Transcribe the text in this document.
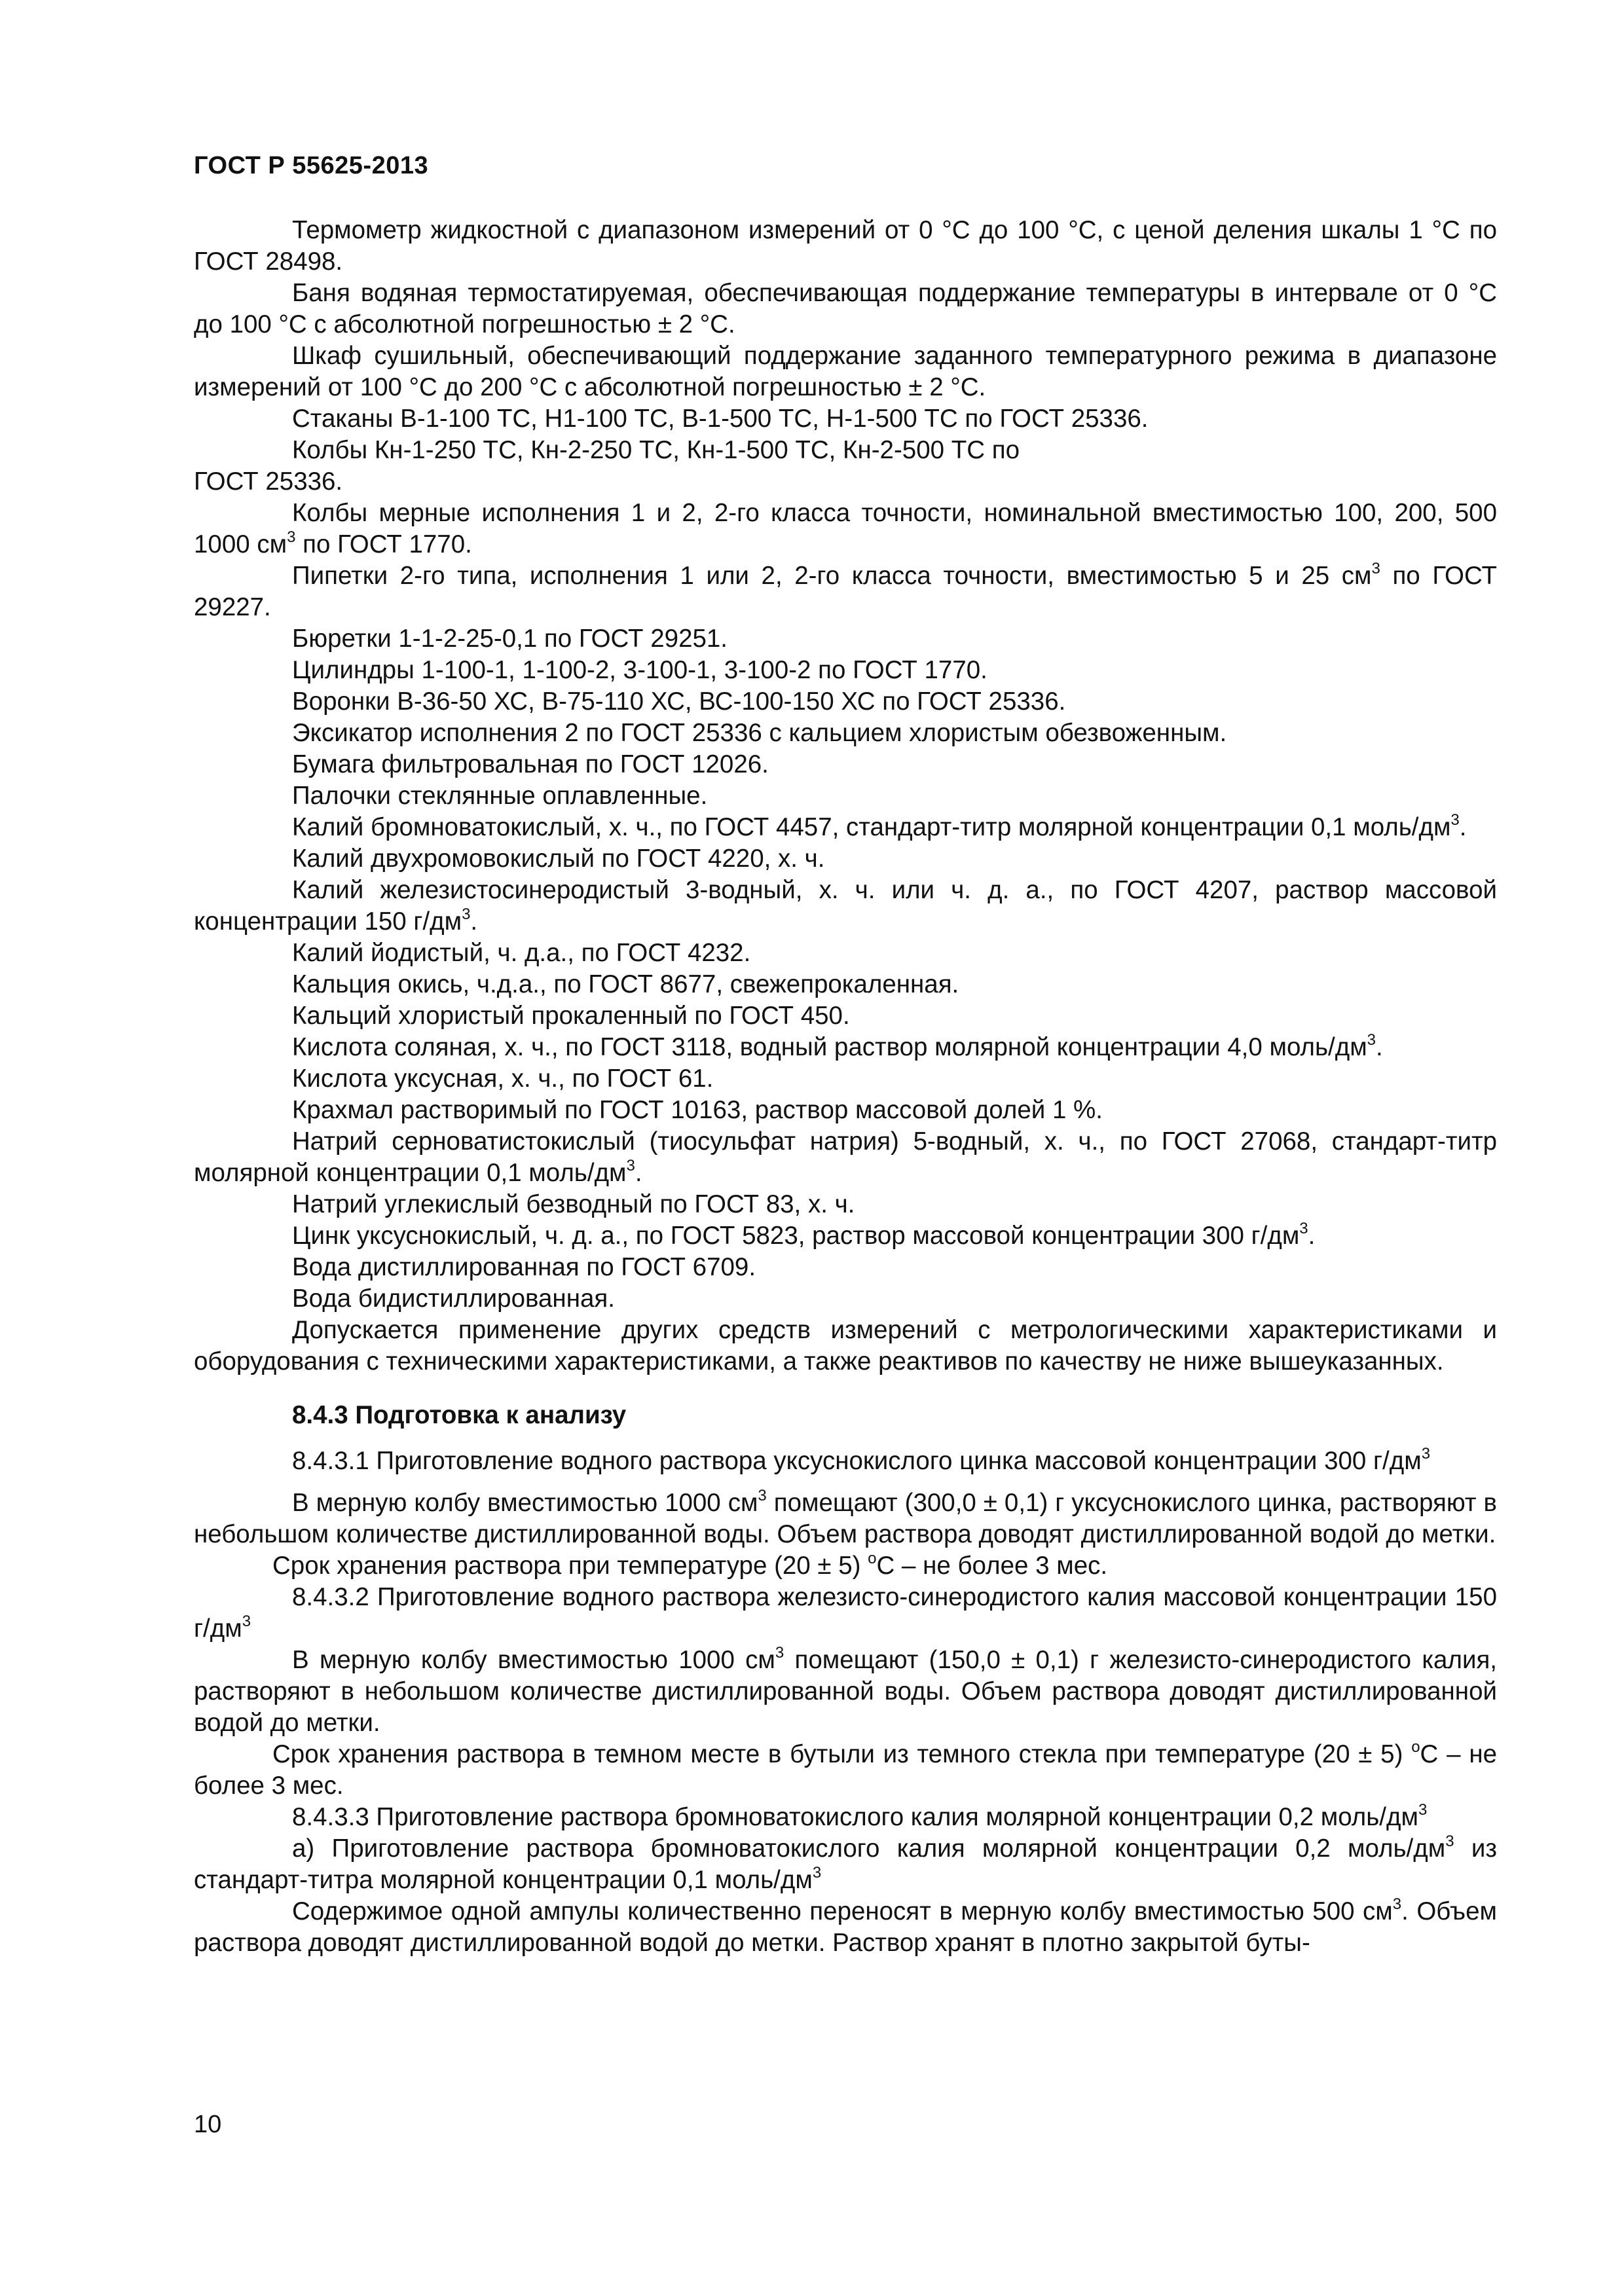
ГОСТ Р 55625-2013

Термометр жидкостной с диапазоном измерений от 0 °С до 100 °С, с ценой деления шкалы 1 °С по ГОСТ 28498.

Баня водяная термостатируемая, обеспечивающая поддержание температуры в интервале от 0 °С до 100 °С с абсолютной погрешностью ± 2 °С.

Шкаф сушильный, обеспечивающий поддержание заданного температурного режима в диапазоне измерений от 100 °С до 200 °С с абсолютной погрешностью ± 2 °С.

Стаканы В-1-100 ТС, Н1-100 ТС, В-1-500 ТС, Н-1-500 ТС по ГОСТ 25336.

Колбы Кн-1-250 ТС, Кн-2-250 ТС, Кн-1-500 ТС, Кн-2-500 ТС по

ГОСТ 25336.

Колбы мерные исполнения 1 и 2, 2-го класса точности, номинальной вместимостью 100, 200, 500 1000 $см^3$ по ГОСТ 1770.

Пипетки 2-го типа, исполнения 1 или 2, 2-го класса точности, вместимостью 5 и 25 $см^3$ по ГОСТ 29227.

Бюретки 1-1-2-25-0,1 по ГОСТ 29251.

Цилиндры 1-100-1, 1-100-2, 3-100-1, 3-100-2 по ГОСТ 1770.

Воронки В-36-50 ХС, В-75-110 ХС, ВС-100-150 ХС по ГОСТ 25336.

Эксикатор исполнения 2 по ГОСТ 25336 с кальцием хлористым обезвоженным.

Бумага фильтровальная по ГОСТ 12026.

Палочки стеклянные оплавленные.

Калий бромноватокислый, х. ч., по ГОСТ 4457, стандарт-титр молярной концентрации 0,1 моль/$дм^3$.

Калий двухромовокислый по ГОСТ 4220, х. ч.

Калий железистосинеродистый 3-водный, х. ч. или ч. д. а., по ГОСТ 4207, раствор массовой концентрации 150 $г/дм^3$.

Калий йодистый, ч. д.а., по ГОСТ 4232.

Кальция окись, ч.д.а., по ГОСТ 8677, свежепрокаленная.

Кальций хлористый прокаленный по ГОСТ 450.

Кислота соляная, х. ч., по ГОСТ 3118, водный раствор молярной концентрации 4,0 моль/$дм^3$.

Кислота уксусная, х. ч., по ГОСТ 61.

Крахмал растворимый по ГОСТ 10163, раствор массовой долей 1 %.

Натрий серноватистокислый (тиосульфат натрия) 5-водный, х. ч., по ГОСТ 27068, стандарт-титр молярной концентрации 0,1 моль/$дм^3$.

Натрий углекислый безводный по ГОСТ 83, х. ч.

Цинк уксуснокислый, ч. д. а., по ГОСТ 5823, раствор массовой концентрации 300 $г/дм^3$.

Вода дистиллированная по ГОСТ 6709.

Вода бидистиллированная.

Допускается применение других средств измерений с метрологическими характеристиками и оборудования с техническими характеристиками, а также реактивов по качеству не ниже вышеуказанных.

8.4.3 Подготовка к анализу

8.4.3.1 Приготовление водного раствора уксуснокислого цинка массовой концентрации 300 $г/дм^3$

В мерную колбу вместимостью 1000 $см^3$ помещают (300,0 ± 0,1) г уксуснокислого цинка, растворяют в небольшом количестве дистиллированной воды. Объем раствора доводят дистиллированной водой до метки.

Срок хранения раствора при температуре (20 ± 5) $^о$С – не более 3 мес.

8.4.3.2 Приготовление водного раствора железисто-синеродистого калия массовой концентрации 150 $г/дм^3$

В мерную колбу вместимостью 1000 $см^3$ помещают (150,0 ± 0,1) г железисто-синеродистого калия, растворяют в небольшом количестве дистиллированной воды. Объем раствора доводят дистиллированной водой до метки.

Срок хранения раствора в темном месте в бутыли из темного стекла при температуре (20 ± 5) $^о$С – не более 3 мес.

8.4.3.3 Приготовление раствора бромноватокислого калия молярной концентрации 0,2 моль/$дм^3$

а) Приготовление раствора бромноватокислого калия молярной концентрации 0,2 моль/$дм^3$ из стандарт-титра молярной концентрации 0,1 моль/$дм^3$

Содержимое одной ампулы количественно переносят в мерную колбу вместимостью 500 $см^3$. Объем раствора доводят дистиллированной водой до метки. Раствор хранят в плотно закрытой буты-

10
